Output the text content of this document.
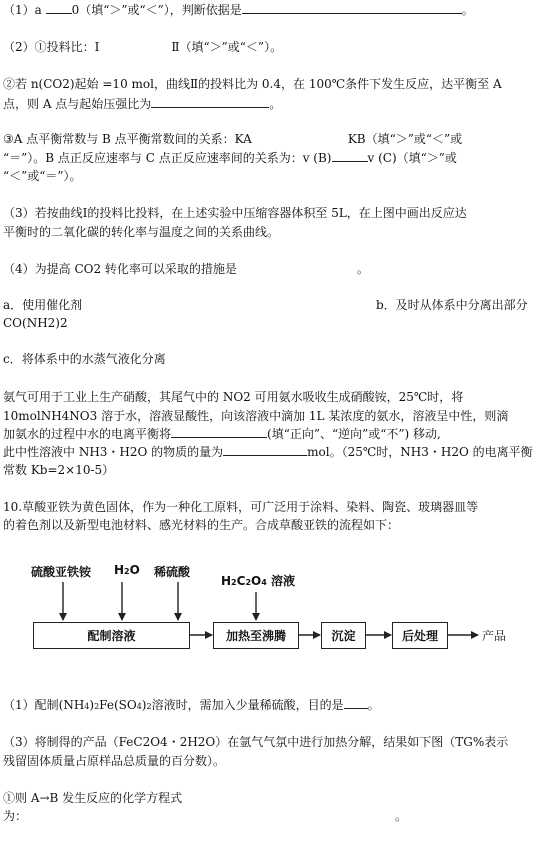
（1）a 0（填“＞”或“＜”），判断依据是	。
（2）①投料比：Ⅰ　　　　　　Ⅱ（填“＞”或“＜”）。
②若 n(CO2)起始 =10 mol，曲线Ⅱ的投料比为 0.4，在 100℃条件下发生反应，达平衡至 A
点，则 A 点与起始压强比为	。
③A 点平衡常数与 B 点平衡常数间的关系：KA　　　　　　　　KB（填“＞”或“＜”或
“＝”）。B 点正反应速率与 C 点正反应速率间的关系为：v (B)	v (C)（填“＞”或
“＜”或“＝”）。
（3）若按曲线Ⅰ的投料比投料，在上述实验中压缩容器体积至 5L，在上图中画出反应达
平衡时的二氧化碳的转化率与温度之间的关系曲线。
（4）为提高 CO2 转化率可以采取的措施是	。
a．使用催化剂	b．及时从体系中分离出部分
CO(NH2)2
c．将体系中的水蒸气液化分离
氨气可用于工业上生产硝酸，其尾气中的 NO2 可用氨水吸收生成硝酸铵，25℃时，将
10molNH4NO3 溶于水，溶液显酸性，向该溶液中滴加 1L 某浓度的氨水，溶液呈中性，则滴
加氨水的过程中水的电离平衡将	(填“正向”、“逆向”或“不”) 移动,
此中性溶液中 NH3・H2O 的物质的量为	mol。（25℃时，NH3・H2O 的电离平衡
常数 Kb=2×10-5）
10.草酸亚铁为黄色固体，作为一种化工原料，可广泛用于涂料、染料、陶瓷、玻璃器皿等
的着色剂以及新型电池材料、感光材料的生产。合成草酸亚铁的流程如下：
硫酸亚铁铵 H2O 稀硫酸
H2C2O4 溶液
配制溶液	加热至沸腾	沉淀	后处理	产品
（1）配制(NH4)2Fe(SO4)2溶液时，需加入少量稀硫酸，目的是 。
（3）将制得的产品（FeC2O4・2H2O）在氩气气氛中进行加热分解，结果如下图（TG%表示
残留固体质量占原样品总质量的百分数）。
①则 A→B 发生反应的化学方程式
为：	。
